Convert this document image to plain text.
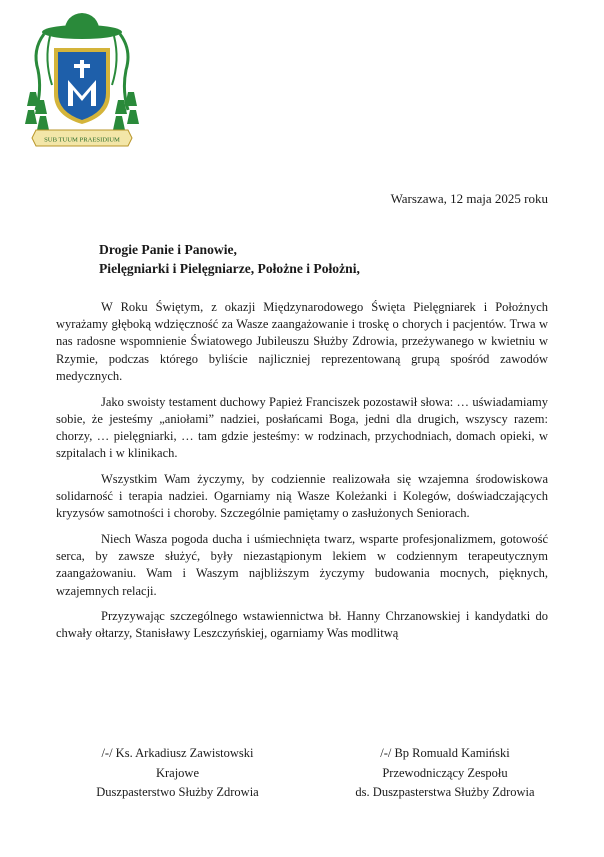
SUB TUUM PRAESIDIUM
Warszawa, 12 maja 2025 roku
Drogie Panie i Panowie,
Pielęgniarki i Pielęgniarze, Położne i Położni,

W Roku Świętym, z okazji Międzynarodowego Święta Pielęgniarek i Położnych wyrażamy głęboką wdzięczność za Wasze zaangażowanie i troskę o chorych i pacjentów. Trwa w nas radosne wspomnienie Światowego Jubileuszu Służby Zdrowia, przeżywanego w kwietniu w Rzymie, podczas którego byliście najliczniej reprezentowaną grupą spośród zawodów medycznych.

Jako swoisty testament duchowy Papież Franciszek pozostawił słowa: … uświadamiamy sobie, że jesteśmy „aniołami” nadziei, posłańcami Boga, jedni dla drugich, wszyscy razem: chorzy, … pielęgniarki, … tam gdzie jesteśmy: w rodzinach, przychodniach, domach opieki, w szpitalach i w klinikach.

Wszystkim Wam życzymy, by codziennie realizowała się wzajemna środowiskowa solidarność i terapia nadziei. Ogarniamy nią Wasze Koleżanki i Kolegów, doświadczających kryzysów samotności i choroby. Szczególnie pamiętamy o zasłużonych Seniorach.

Niech Wasza pogoda ducha i uśmiechnięta twarz, wsparte profesjonalizmem, gotowość serca, by zawsze służyć, były niezastąpionym lekiem w codziennym terapeutycznym zaangażowaniu. Wam i Waszym najbliższym życzymy budowania mocnych, pięknych, wzajemnych relacji.

Przyzywając szczególnego wstawiennictwa bł. Hanny Chrzanowskiej i kandydatki do chwały ołtarzy, Stanisławy Leszczyńskiej, ogarniamy Was modlitwą

/-/ Ks. Arkadiusz Zawistowski
Krajowe
Duszpasterstwo Służby Zdrowia
/-/ Bp Romuald Kamiński
Przewodniczący Zespołu
ds. Duszpasterstwa Służby Zdrowia
